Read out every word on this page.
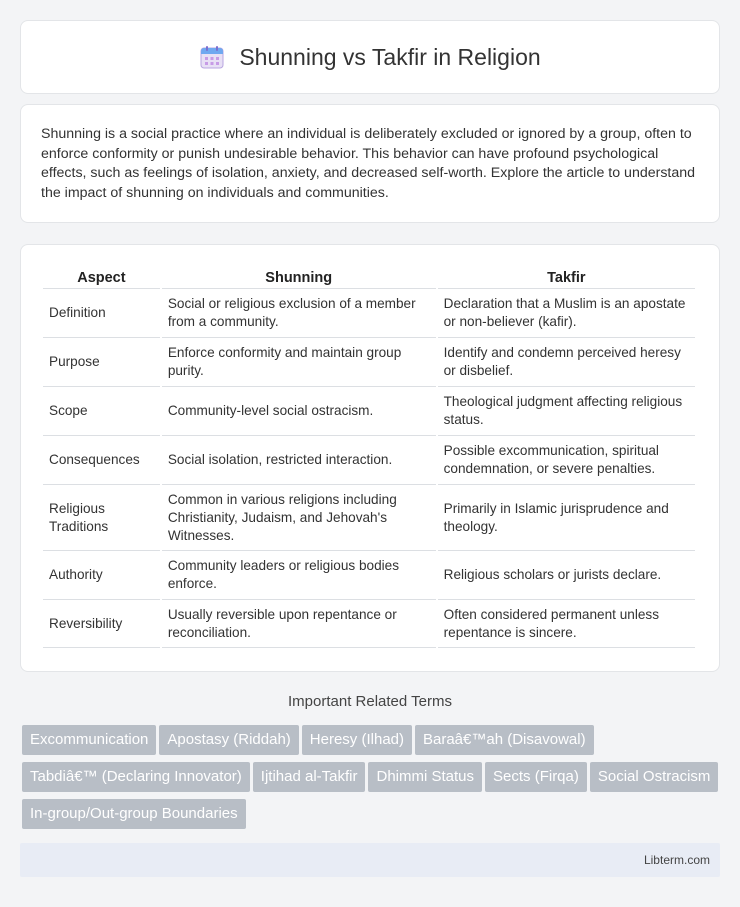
Shunning vs Takfir in Religion

Shunning is a social practice where an individual is deliberately excluded or ignored by a group, often to enforce conformity or punish undesirable behavior. This behavior can have profound psychological effects, such as feelings of isolation, anxiety, and decreased self-worth. Explore the article to understand the impact of shunning on individuals and communities.

Aspect	Shunning	Takfir
Definition	Social or religious exclusion of a member from a community.	Declaration that a Muslim is an apostate or non-believer (kafir).
Purpose	Enforce conformity and maintain group purity.	Identify and condemn perceived heresy or disbelief.
Scope	Community-level social ostracism.	Theological judgment affecting religious status.
Consequences	Social isolation, restricted interaction.	Possible excommunication, spiritual condemnation, or severe penalties.
Religious Traditions	Common in various religions including Christianity, Judaism, and Jehovah's Witnesses.	Primarily in Islamic jurisprudence and theology.
Authority	Community leaders or religious bodies enforce.	Religious scholars or jurists declare.
Reversibility	Usually reversible upon repentance or reconciliation.	Often considered permanent unless repentance is sincere.
Important Related Terms
Excommunication Apostasy (Riddah) Heresy (Ilhad) Baraâ€™ah (Disavowal)Tabdiâ€™ (Declaring Innovator) Ijtihad al-Takfir Dhimmi Status Sects (Firqa) Social OstracismIn-group/Out-group Boundaries
Libterm.com
